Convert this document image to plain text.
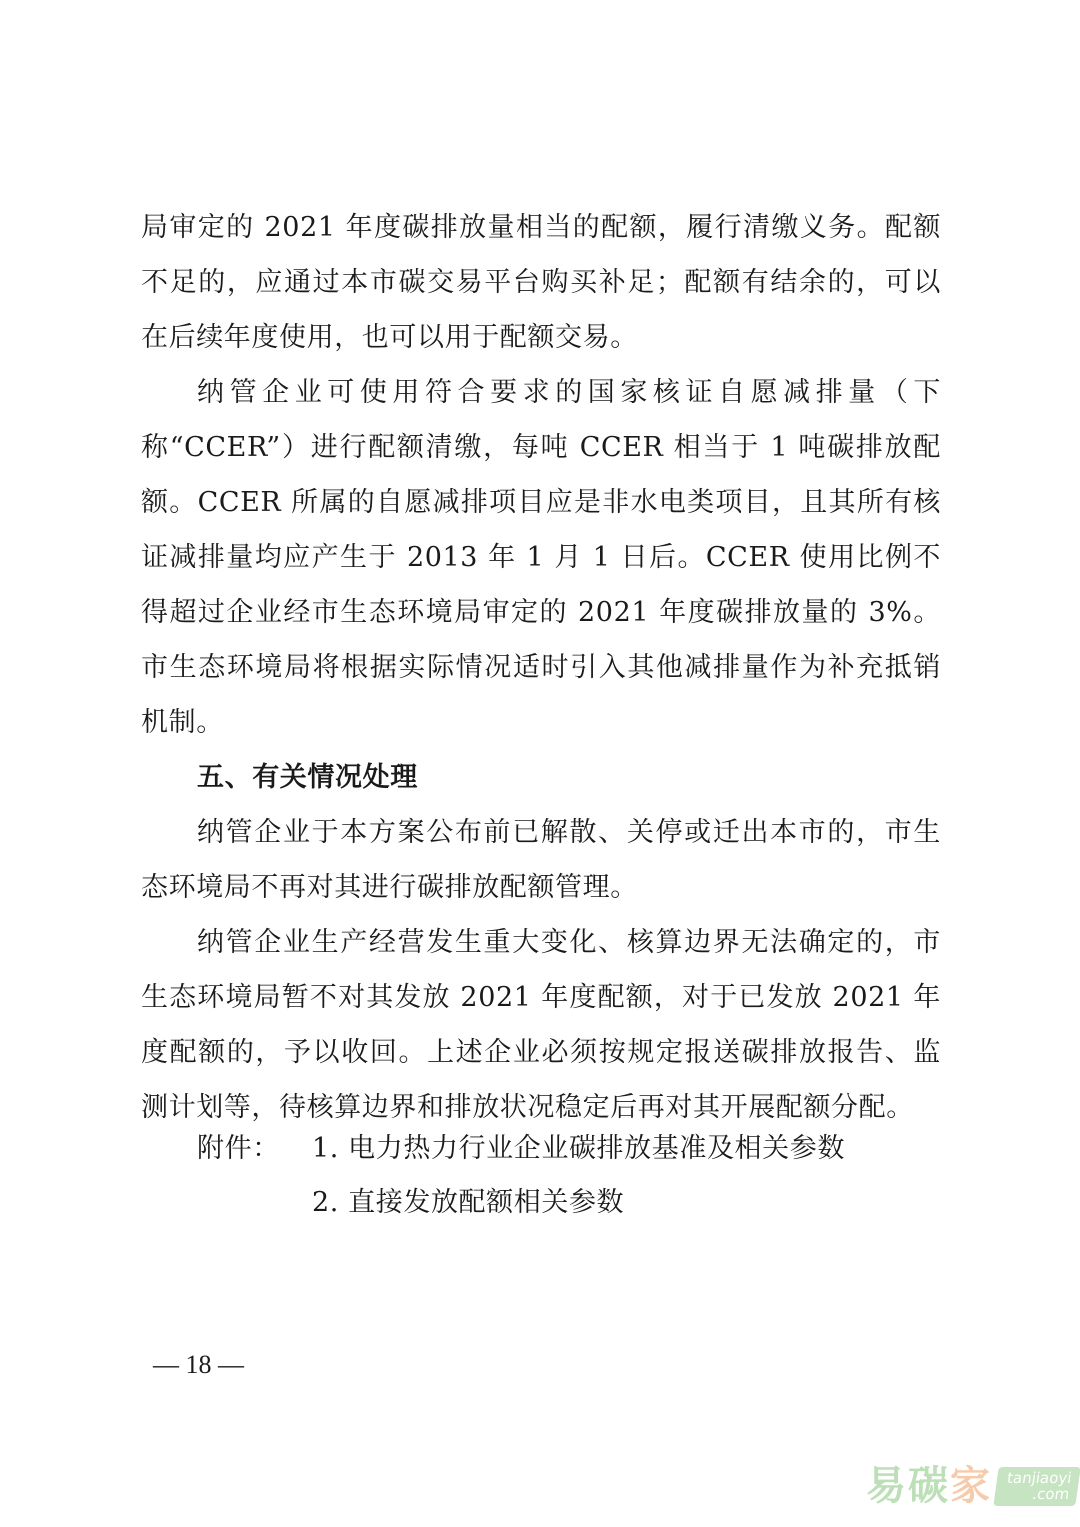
局审定的 2021 年度碳排放量相当的配额，履行清缴义务。配额不足的，应通过本市碳交易平台购买补足；配额有结余的，可以在后续年度使用，也可以用于配额交易。

纳管企业可使用符合要求的国家核证自愿减排量（下称“CCER”）进行配额清缴，每吨 CCER 相当于 1 吨碳排放配额。CCER 所属的自愿减排项目应是非水电类项目，且其所有核证减排量均应产生于 2013 年 1 月 1 日后。CCER 使用比例不得超过企业经市生态环境局审定的 2021 年度碳排放量的 3%。市生态环境局将根据实际情况适时引入其他减排量作为补充抵销机制。

五、有关情况处理

纳管企业于本方案公布前已解散、关停或迁出本市的，市生态环境局不再对其进行碳排放配额管理。

纳管企业生产经营发生重大变化、核算边界无法确定的，市生态环境局暂不对其发放 2021 年度配额，对于已发放 2021 年度配额的，予以收回。上述企业必须按规定报送碳排放报告、监测计划等，待核算边界和排放状况稳定后再对其开展配额分配。

附件：	1. 电力热力行业企业碳排放基准及相关参数
2. 直接发放配额相关参数
— 18 —
易 碳 家 tanjiaoyi
.com
